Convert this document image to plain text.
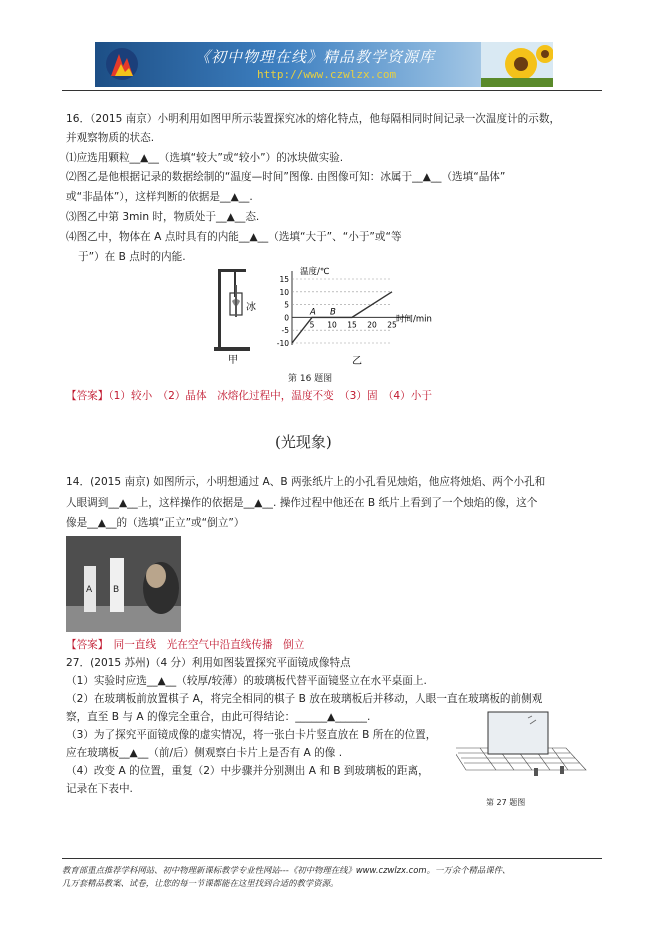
《初中物理在线》精品教学资源库
http://www.czwlzx.com
16．（2015 南京）小明利用如图甲所示装置探究冰的熔化特点，他每隔相同时间记录一次温度计的示数，
并观察物质的状态.
⑴应选用颗粒__▲__（选填“较大”或“较小”）的冰块做实验.
⑵图乙是他根据记录的数据绘制的“温度—时间”图像. 由图像可知：冰属于__▲__（选填“晶体”
或“非晶体”），这样判断的依据是__▲__.
⑶图乙中第 3min 时，物质处于__▲__态.
⑷图乙中，物体在 A 点时具有的内能__▲__（选填“大于”、“小于”或“等
于”）在 B 点时的内能.
冰
甲
温度/℃
时间/min
15
10
5
0
-5
-10
5 10 15 20 25
A B
乙
第 16 题图
【答案】（1）较小　（2）晶体　冰熔化过程中，温度不变　（3）固　（4）小于
(光现象)
14．(2015 南京) 如图所示，小明想通过 A、B 两张纸片上的小孔看见烛焰，他应将烛焰、两个小孔和
人眼调到__▲__上，这样操作的依据是__▲__. 操作过程中他还在 B 纸片上看到了一个烛焰的像，这个
像是__▲__的（选填“正立”或“倒立”）
A B
【答案】　同一直线　光在空气中沿直线传播　倒立
27．(2015 苏州)（4 分）利用如图装置探究平面镜成像特点
（1）实验时应选__▲__（较厚/较薄）的玻璃板代替平面镜竖立在水平桌面上.
（2）在玻璃板前放置棋子 A，将完全相同的棋子 B 放在玻璃板后并移动，人眼一直在玻璃板的前侧观
察，直至 B 与 A 的像完全重合，由此可得结论：______▲______.
（3）为了探究平面镜成像的虚实情况，将一张白卡片竖直放在 B 所在的位置，
应在玻璃板__▲__（前/后）侧观察白卡片上是否有 A 的像 .
（4）改变 A 的位置，重复（2）中步骤并分别测出 A 和 B 到玻璃板的距离，
记录在下表中.
第 27 题图
教育部重点推荐学科网站、初中物理新课标教学专业性网站---《初中物理在线》www.czwlzx.com。一万余个精品课件、
几万套精品教案、试卷，让您的每一节课都能在这里找到合适的教学资源。
